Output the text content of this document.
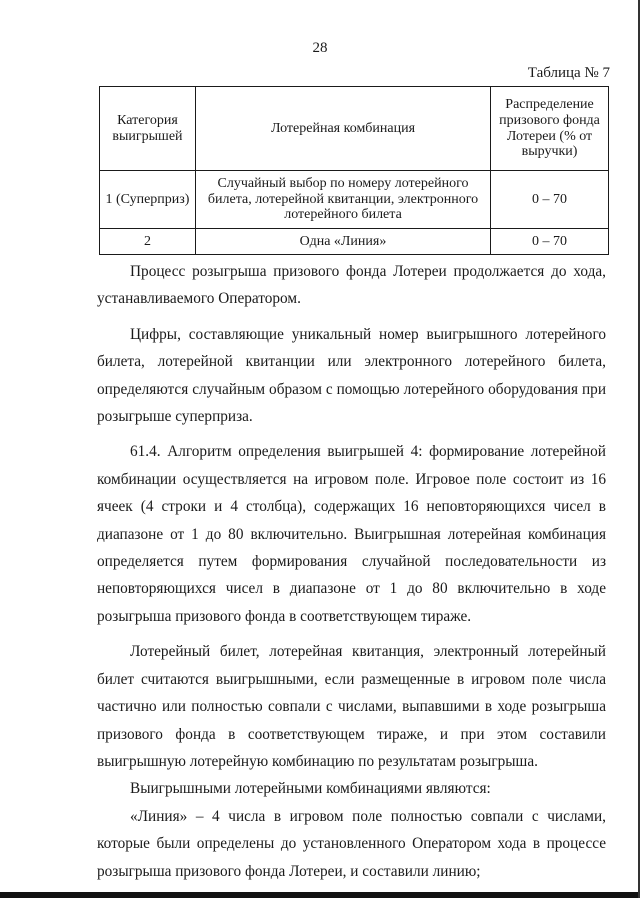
28
Таблица № 7
Категория выигрышей	Лотерейная комбинация	Распределение призового фонда Лотереи (% от выручки)
1 (Суперприз)	Случайный выбор по номеру лотерейного билета, лотерейной квитанции, электронного лотерейного билета	0 – 70
2	Одна «Линия»	0 – 70

Процесс розыгрыша призового фонда Лотереи продолжается до хода, устанавливаемого Оператором.

Цифры, составляющие уникальный номер выигрышного лотерейного билета, лотерейной квитанции или электронного лотерейного билета, определяются случайным образом с помощью лотерейного оборудования при розыгрыше суперприза.

61.4. Алгоритм определения выигрышей 4: формирование лотерейной комбинации осуществляется на игровом поле. Игровое поле состоит из 16 ячеек (4 строки и 4 столбца), содержащих 16 неповторяющихся чисел в диапазоне от 1 до 80 включительно. Выигрышная лотерейная комбинация определяется путем формирования случайной последовательности из неповторяющихся чисел в диапазоне от 1 до 80 включительно в ходе розыгрыша призового фонда в соответствующем тираже.

Лотерейный билет, лотерейная квитанция, электронный лотерейный билет считаются выигрышными, если размещенные в игровом поле числа частично или полностью совпали с числами, выпавшими в ходе розыгрыша призового фонда в соответствующем тираже, и при этом составили выигрышную лотерейную комбинацию по результатам розыгрыша.

Выигрышными лотерейными комбинациями являются:

«Линия» – 4 числа в игровом поле полностью совпали с числами, которые были определены до установленного Оператором хода в процессе розыгрыша призового фонда Лотереи, и составили линию;
